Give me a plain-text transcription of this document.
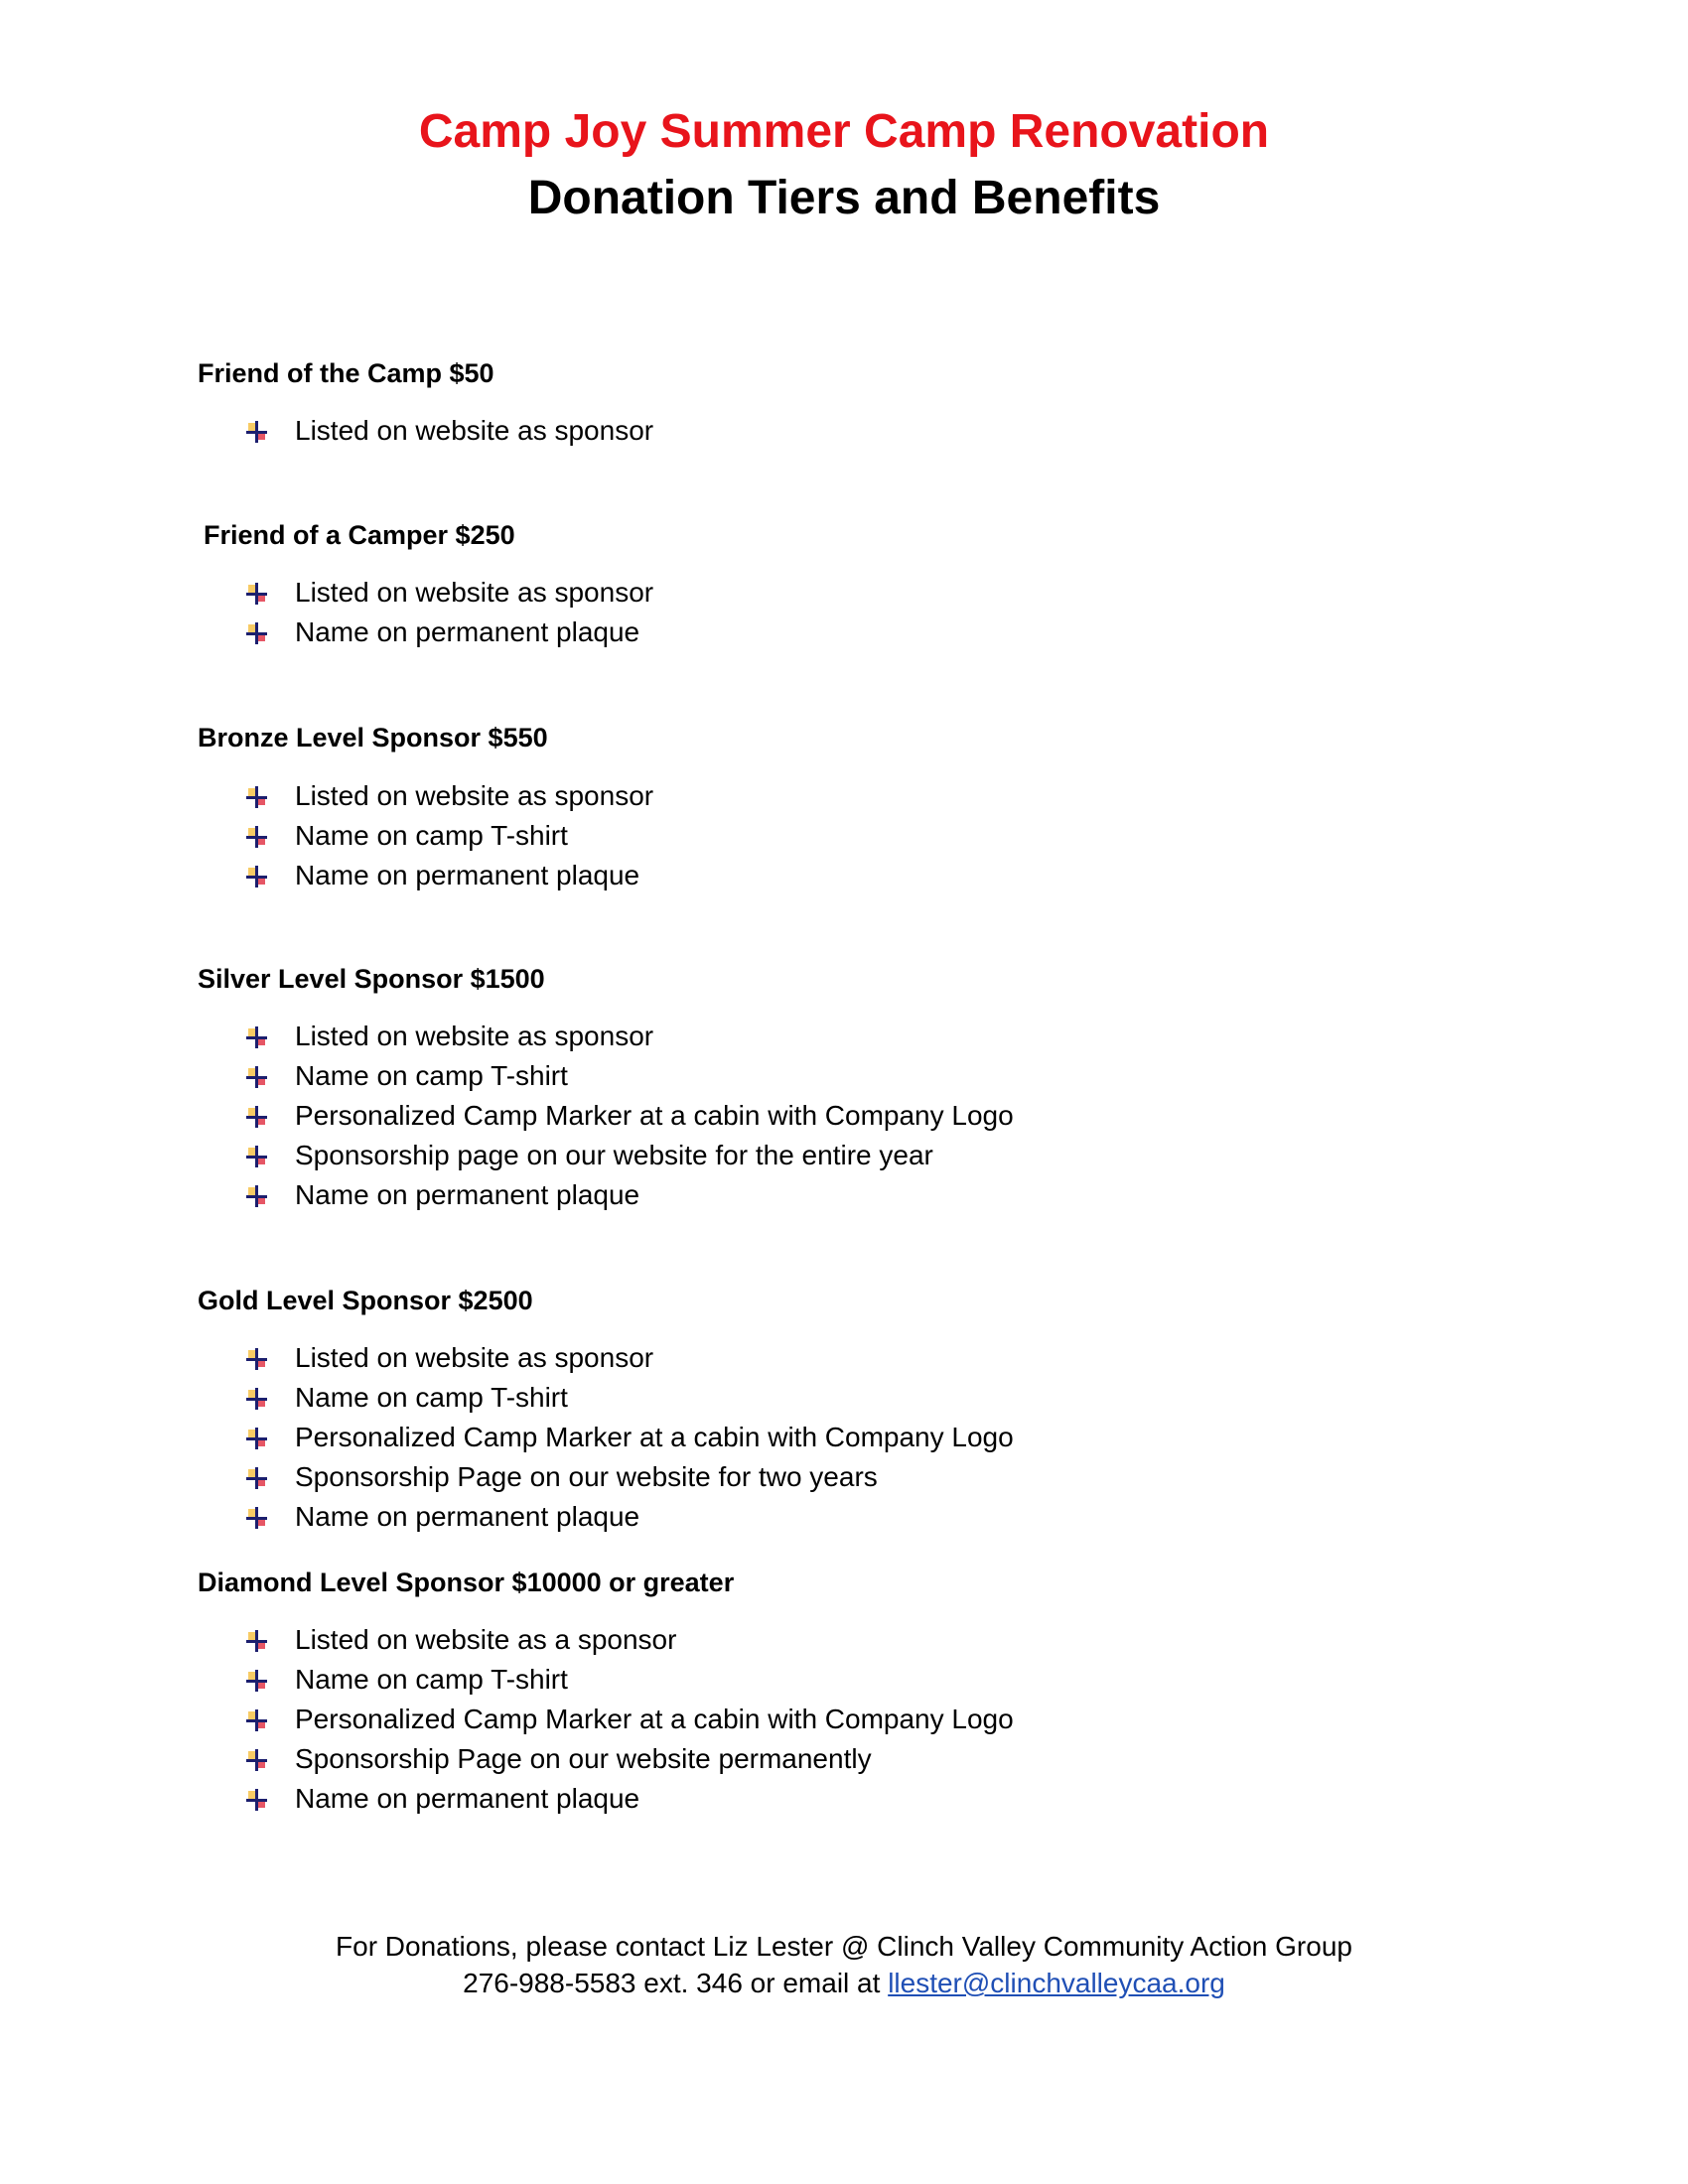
Camp Joy Summer Camp Renovation
Donation Tiers and Benefits
Friend of the Camp $50
Listed on website as sponsor
Friend of a Camper $250
Listed on website as sponsor
Name on permanent plaque
Bronze Level Sponsor $550
Listed on website as sponsor
Name on camp T-shirt
Name on permanent plaque
Silver Level Sponsor $1500
Listed on website as sponsor
Name on camp T-shirt
Personalized Camp Marker at a cabin with Company Logo
Sponsorship page on our website for the entire year
Name on permanent plaque
Gold Level Sponsor $2500
Listed on website as sponsor
Name on camp T-shirt
Personalized Camp Marker at a cabin with Company Logo
Sponsorship Page on our website for two years
Name on permanent plaque
Diamond Level Sponsor $10000 or greater
Listed on website as a sponsor
Name on camp T-shirt
Personalized Camp Marker at a cabin with Company Logo
Sponsorship Page on our website permanently
Name on permanent plaque
For Donations, please contact Liz Lester @ Clinch Valley Community Action Group
276-988-5583 ext. 346 or email at llester@clinchvalleycaa.org
